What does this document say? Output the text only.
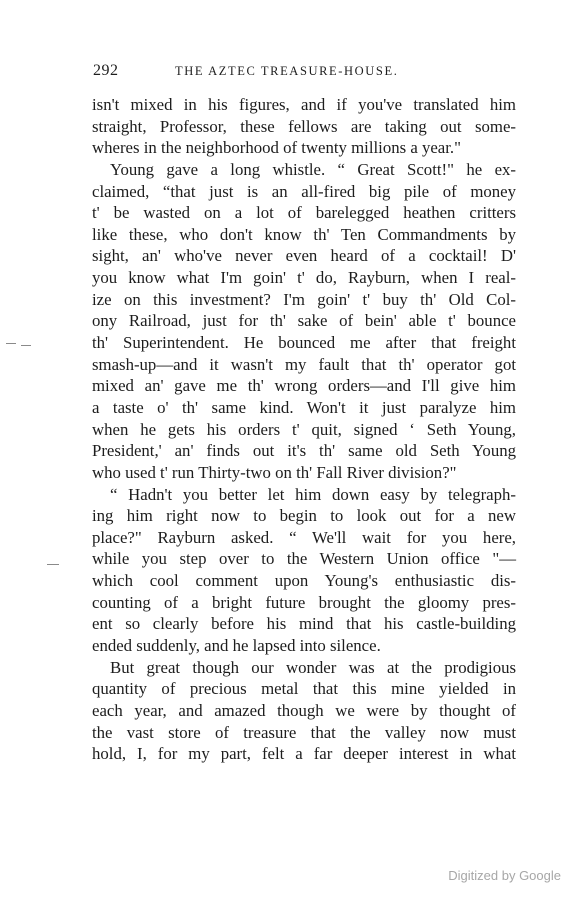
292	THE AZTEC TREASURE-HOUSE.
isn't mixed in his figures, and if you've translated him
straight, Professor, these fellows are taking out some-
wheres in the neighborhood of twenty millions a year."
Young gave a long whistle. “ Great Scott!" he ex-
claimed, “that just is an all-fired big pile of money
t' be wasted on a lot of barelegged heathen critters
like these, who don't know th' Ten Commandments by
sight, an' who've never even heard of a cocktail! D'
you know what I'm goin' t' do, Rayburn, when I real-
ize on this investment? I'm goin' t' buy th' Old Col-
ony Railroad, just for th' sake of bein' able t' bounce
th' Superintendent. He bounced me after that freight
smash-up—and it wasn't my fault that th' operator got
mixed an' gave me th' wrong orders—and I'll give him
a taste o' th' same kind. Won't it just paralyze him
when he gets his orders t' quit, signed ‘ Seth Young,
President,' an' finds out it's th' same old Seth Young
who used t' run Thirty-two on th' Fall River division?"
“ Hadn't you better let him down easy by telegraph-
ing him right now to begin to look out for a new
place?" Rayburn asked. “ We'll wait for you here,
while you step over to the Western Union office "—
which cool comment upon Young's enthusiastic dis-
counting of a bright future brought the gloomy pres-
ent so clearly before his mind that his castle-building
ended suddenly, and he lapsed into silence.
But great though our wonder was at the prodigious
quantity of precious metal that this mine yielded in
each year, and amazed though we were by thought of
the vast store of treasure that the valley now must
hold, I, for my part, felt a far deeper interest in what
Digitized by Google
